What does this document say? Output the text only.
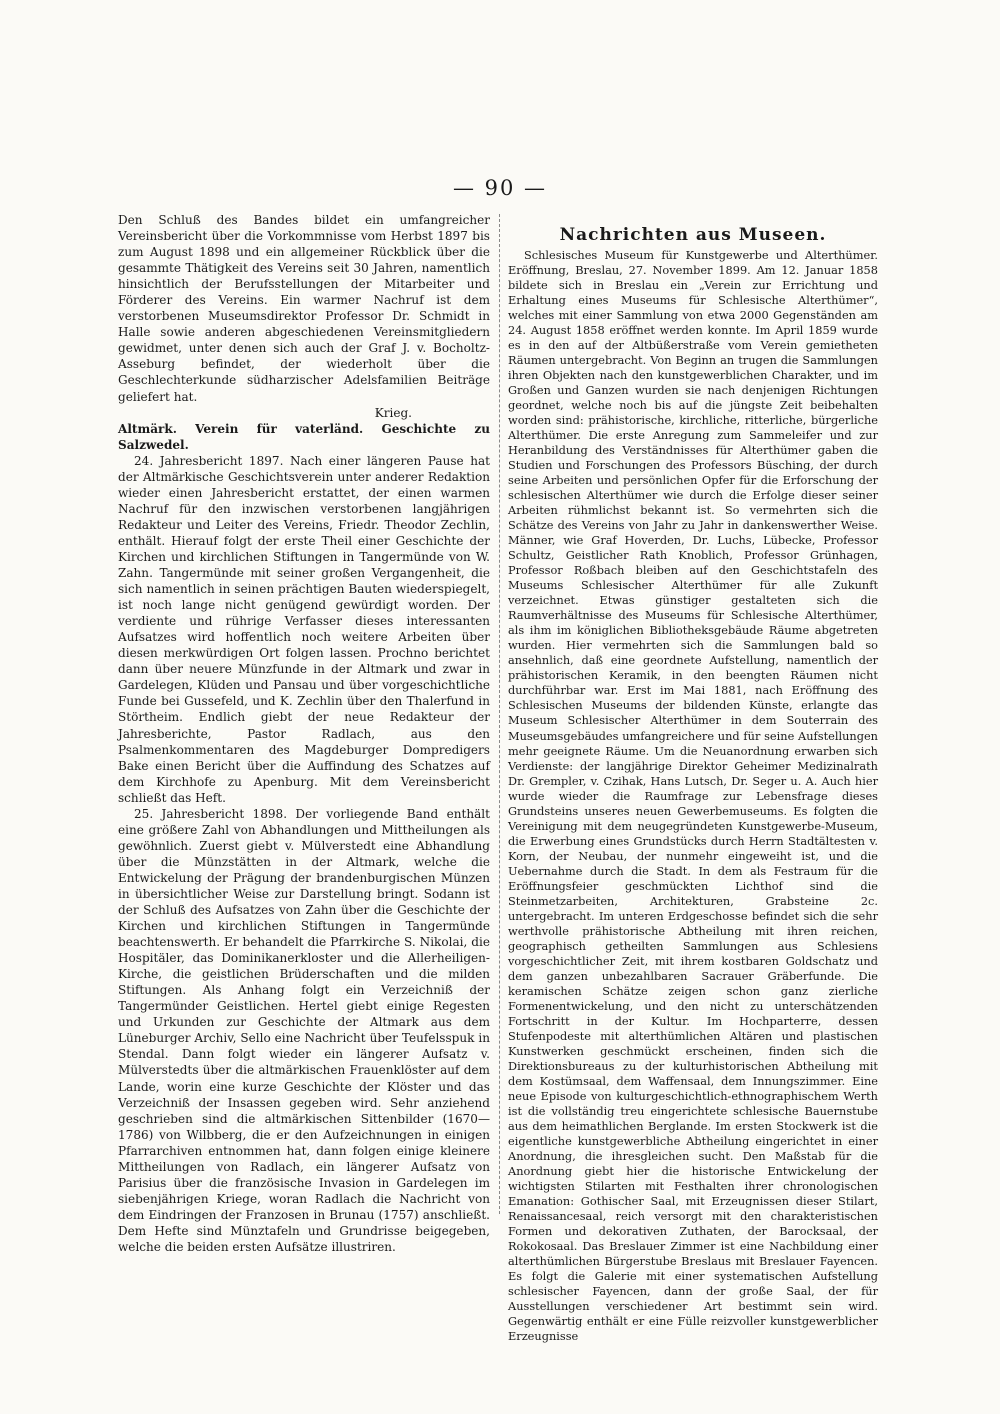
— 90 —

Den Schluß des Bandes bildet ein umfangreicher Vereinsbericht über die Vorkommnisse vom Herbst 1897 bis zum August 1898 und ein allgemeiner Rückblick über die gesammte Thätigkeit des Vereins seit 30 Jahren, namentlich hinsichtlich der Berufsstellungen der Mitarbeiter und Förderer des Vereins. Ein warmer Nachruf ist dem verstorbenen Museumsdirektor Professor Dr. Schmidt in Halle sowie anderen abgeschiedenen Vereinsmitgliedern gewidmet, unter denen sich auch der Graf J. v. Bocholtz-Asseburg befindet, der wiederholt über die Geschlechterkunde südharzischer Adelsfamilien Beiträge geliefert hat.

Krieg.

Altmärk. Verein für vaterländ. Geschichte zu Salzwedel.

24. Jahresbericht 1897. Nach einer längeren Pause hat der Altmärkische Geschichtsverein unter anderer Redaktion wieder einen Jahresbericht erstattet, der einen warmen Nachruf für den inzwischen verstorbenen langjährigen Redakteur und Leiter des Vereins, Friedr. Theodor Zechlin, enthält. Hierauf folgt der erste Theil einer Geschichte der Kirchen und kirchlichen Stiftungen in Tangermünde von W. Zahn. Tangermünde mit seiner großen Vergangenheit, die sich namentlich in seinen prächtigen Bauten wiederspiegelt, ist noch lange nicht genügend gewürdigt worden. Der verdiente und rührige Verfasser dieses interessanten Aufsatzes wird hoffentlich noch weitere Arbeiten über diesen merkwürdigen Ort folgen lassen. Prochno berichtet dann über neuere Münzfunde in der Altmark und zwar in Gardelegen, Klüden und Pansau und über vorgeschichtliche Funde bei Gussefeld, und K. Zechlin über den Thalerfund in Störtheim. Endlich giebt der neue Redakteur der Jahresberichte, Pastor Radlach, aus den Psalmenkommentaren des Magdeburger Dompredigers Bake einen Bericht über die Auffindung des Schatzes auf dem Kirchhofe zu Apenburg. Mit dem Vereinsbericht schließt das Heft.

25. Jahresbericht 1898. Der vorliegende Band enthält eine größere Zahl von Abhandlungen und Mittheilungen als gewöhnlich. Zuerst giebt v. Mülverstedt eine Abhandlung über die Münzstätten in der Altmark, welche die Entwickelung der Prägung der brandenburgischen Münzen in übersichtlicher Weise zur Darstellung bringt. Sodann ist der Schluß des Aufsatzes von Zahn über die Geschichte der Kirchen und kirchlichen Stiftungen in Tangermünde beachtenswerth. Er behandelt die Pfarrkirche S. Nikolai, die Hospitäler, das Dominikanerkloster und die Allerheiligen-Kirche, die geistlichen Brüderschaften und die milden Stiftungen. Als Anhang folgt ein Verzeichniß der Tangermünder Geistlichen. Hertel giebt einige Regesten und Urkunden zur Geschichte der Altmark aus dem Lüneburger Archiv, Sello eine Nachricht über Teufelsspuk in Stendal. Dann folgt wieder ein längerer Aufsatz v. Mülverstedts über die altmärkischen Frauenklöster auf dem Lande, worin eine kurze Geschichte der Klöster und das Verzeichniß der Insassen gegeben wird. Sehr anziehend geschrieben sind die altmärkischen Sittenbilder (1670—1786) von Wilbberg, die er den Aufzeichnungen in einigen Pfarrarchiven entnommen hat, dann folgen einige kleinere Mittheilungen von Radlach, ein längerer Aufsatz von Parisius über die französische Invasion in Gardelegen im siebenjährigen Kriege, woran Radlach die Nachricht von dem Eindringen der Franzosen in Brunau (1757) anschließt. Dem Hefte sind Münztafeln und Grundrisse beigegeben, welche die beiden ersten Aufsätze illustriren.

Nachrichten aus Museen.

Schlesisches Museum für Kunstgewerbe und Alterthümer. Eröffnung, Breslau, 27. November 1899. Am 12. Januar 1858 bildete sich in Breslau ein „Verein zur Errichtung und Erhaltung eines Museums für Schlesische Alterthümer“, welches mit einer Sammlung von etwa 2000 Gegenständen am 24. August 1858 eröffnet werden konnte. Im April 1859 wurde es in den auf der Altbüßerstraße vom Verein gemietheten Räumen untergebracht. Von Beginn an trugen die Sammlungen ihren Objekten nach den kunstgewerblichen Charakter, und im Großen und Ganzen wurden sie nach denjenigen Richtungen geordnet, welche noch bis auf die jüngste Zeit beibehalten worden sind: prähistorische, kirchliche, ritterliche, bürgerliche Alterthümer. Die erste Anregung zum Sammeleifer und zur Heranbildung des Verständnisses für Alterthümer gaben die Studien und Forschungen des Professors Büsching, der durch seine Arbeiten und persönlichen Opfer für die Erforschung der schlesischen Alterthümer wie durch die Erfolge dieser seiner Arbeiten rühmlichst bekannt ist. So vermehrten sich die Schätze des Vereins von Jahr zu Jahr in dankenswerther Weise. Männer, wie Graf Hoverden, Dr. Luchs, Lübecke, Professor Schultz, Geistlicher Rath Knoblich, Professor Grünhagen, Professor Roßbach bleiben auf den Geschichtstafeln des Museums Schlesischer Alterthümer für alle Zukunft verzeichnet. Etwas günstiger gestalteten sich die Raumverhältnisse des Museums für Schlesische Alterthümer, als ihm im königlichen Bibliotheksgebäude Räume abgetreten wurden. Hier vermehrten sich die Sammlungen bald so ansehnlich, daß eine geordnete Aufstellung, namentlich der prähistorischen Keramik, in den beengten Räumen nicht durchführbar war. Erst im Mai 1881, nach Eröffnung des Schlesischen Museums der bildenden Künste, erlangte das Museum Schlesischer Alterthümer in dem Souterrain des Museumsgebäudes umfangreichere und für seine Aufstellungen mehr geeignete Räume. Um die Neuanordnung erwarben sich Verdienste: der langjährige Direktor Geheimer Medizinalrath Dr. Grempler, v. Czihak, Hans Lutsch, Dr. Seger u. A. Auch hier wurde wieder die Raumfrage zur Lebensfrage dieses Grundsteins unseres neuen Gewerbemuseums. Es folgten die Vereinigung mit dem neugegründeten Kunstgewerbe-Museum, die Erwerbung eines Grundstücks durch Herrn Stadtältesten v. Korn, der Neubau, der nunmehr eingeweiht ist, und die Uebernahme durch die Stadt. In dem als Festraum für die Eröffnungsfeier geschmückten Lichthof sind die Steinmetzarbeiten, Architekturen, Grabsteine 2c. untergebracht. Im unteren Erdgeschosse befindet sich die sehr werthvolle prähistorische Abtheilung mit ihren reichen, geographisch getheilten Sammlungen aus Schlesiens vorgeschichtlicher Zeit, mit ihrem kostbaren Goldschatz und dem ganzen unbezahlbaren Sacrauer Gräberfunde. Die keramischen Schätze zeigen schon ganz zierliche Formenentwickelung, und den nicht zu unterschätzenden Fortschritt in der Kultur. Im Hochparterre, dessen Stufenpodeste mit alterthümlichen Altären und plastischen Kunstwerken geschmückt erscheinen, finden sich die Direktionsbureaus zu der kulturhistorischen Abtheilung mit dem Kostümsaal, dem Waffensaal, dem Innungszimmer. Eine neue Episode von kulturgeschichtlich-ethnographischem Werth ist die vollständig treu eingerichtete schlesische Bauernstube aus dem heimathlichen Berglande. Im ersten Stockwerk ist die eigentliche kunstgewerbliche Abtheilung eingerichtet in einer Anordnung, die ihresgleichen sucht. Den Maßstab für die Anordnung giebt hier die historische Entwickelung der wichtigsten Stilarten mit Festhalten ihrer chronologischen Emanation: Gothischer Saal, mit Erzeugnissen dieser Stilart, Renaissancesaal, reich versorgt mit den charakteristischen Formen und dekorativen Zuthaten, der Barocksaal, der Rokokosaal. Das Breslauer Zimmer ist eine Nachbildung einer alterthümlichen Bürgerstube Breslaus mit Breslauer Fayencen. Es folgt die Galerie mit einer systematischen Aufstellung schlesischer Fayencen, dann der große Saal, der für Ausstellungen verschiedener Art bestimmt sein wird. Gegenwärtig enthält er eine Fülle reizvoller kunstgewerblicher Erzeugnisse
